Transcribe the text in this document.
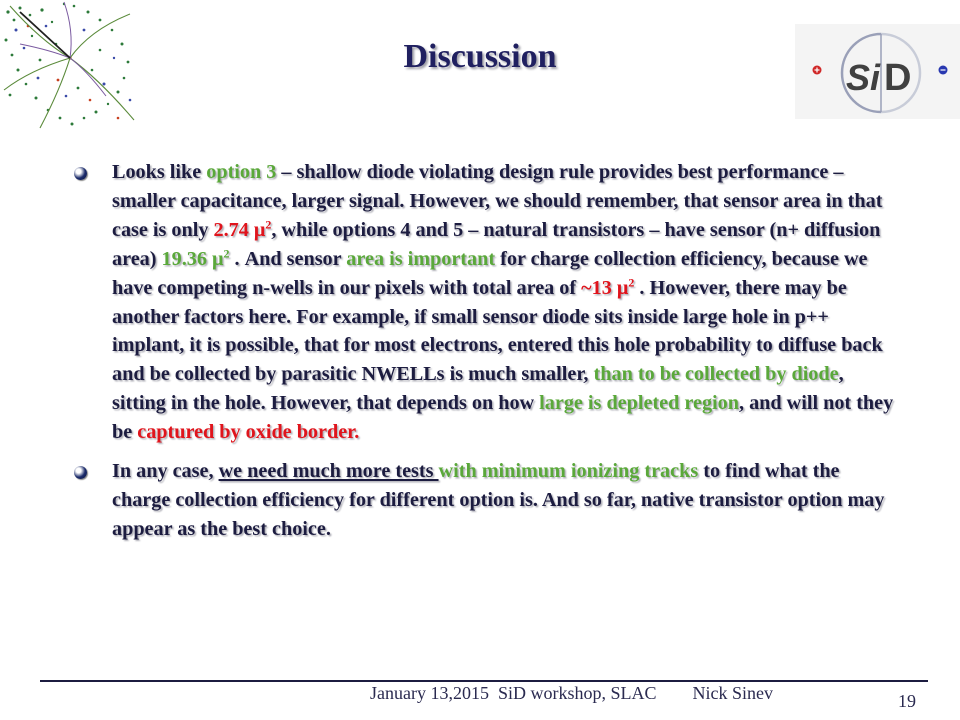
Si D
Discussion
Looks like option 3 – shallow diode violating design rule provides best performance – smaller capacitance, larger signal. However, we should remember, that sensor area in that case is only 2.74 $\mu^2$, while options 4 and 5 – natural transistors – have sensor (n+ diffusion area) 19.36 $\mu^2$ . And sensor area is important for charge collection efficiency, because we have competing n-wells in our pixels with total area of ~13 $\mu^2$ . However, there may be another factors here. For example, if small sensor diode sits inside large hole in p++ implant, it is possible, that for most electrons, entered this hole probability to diffuse back and be collected by parasitic NWELLs is much smaller, than to be collected by diode, sitting in the hole. However, that depends on how large is depleted region, and will not they be captured by oxide border.
In any case, we need much more tests with minimum ionizing tracks to find what the charge collection efficiency for different option is. And so far, native transistor option may appear as the best choice.
January 13,2015  SiD workshop, SLAC        Nick Sinev	19
